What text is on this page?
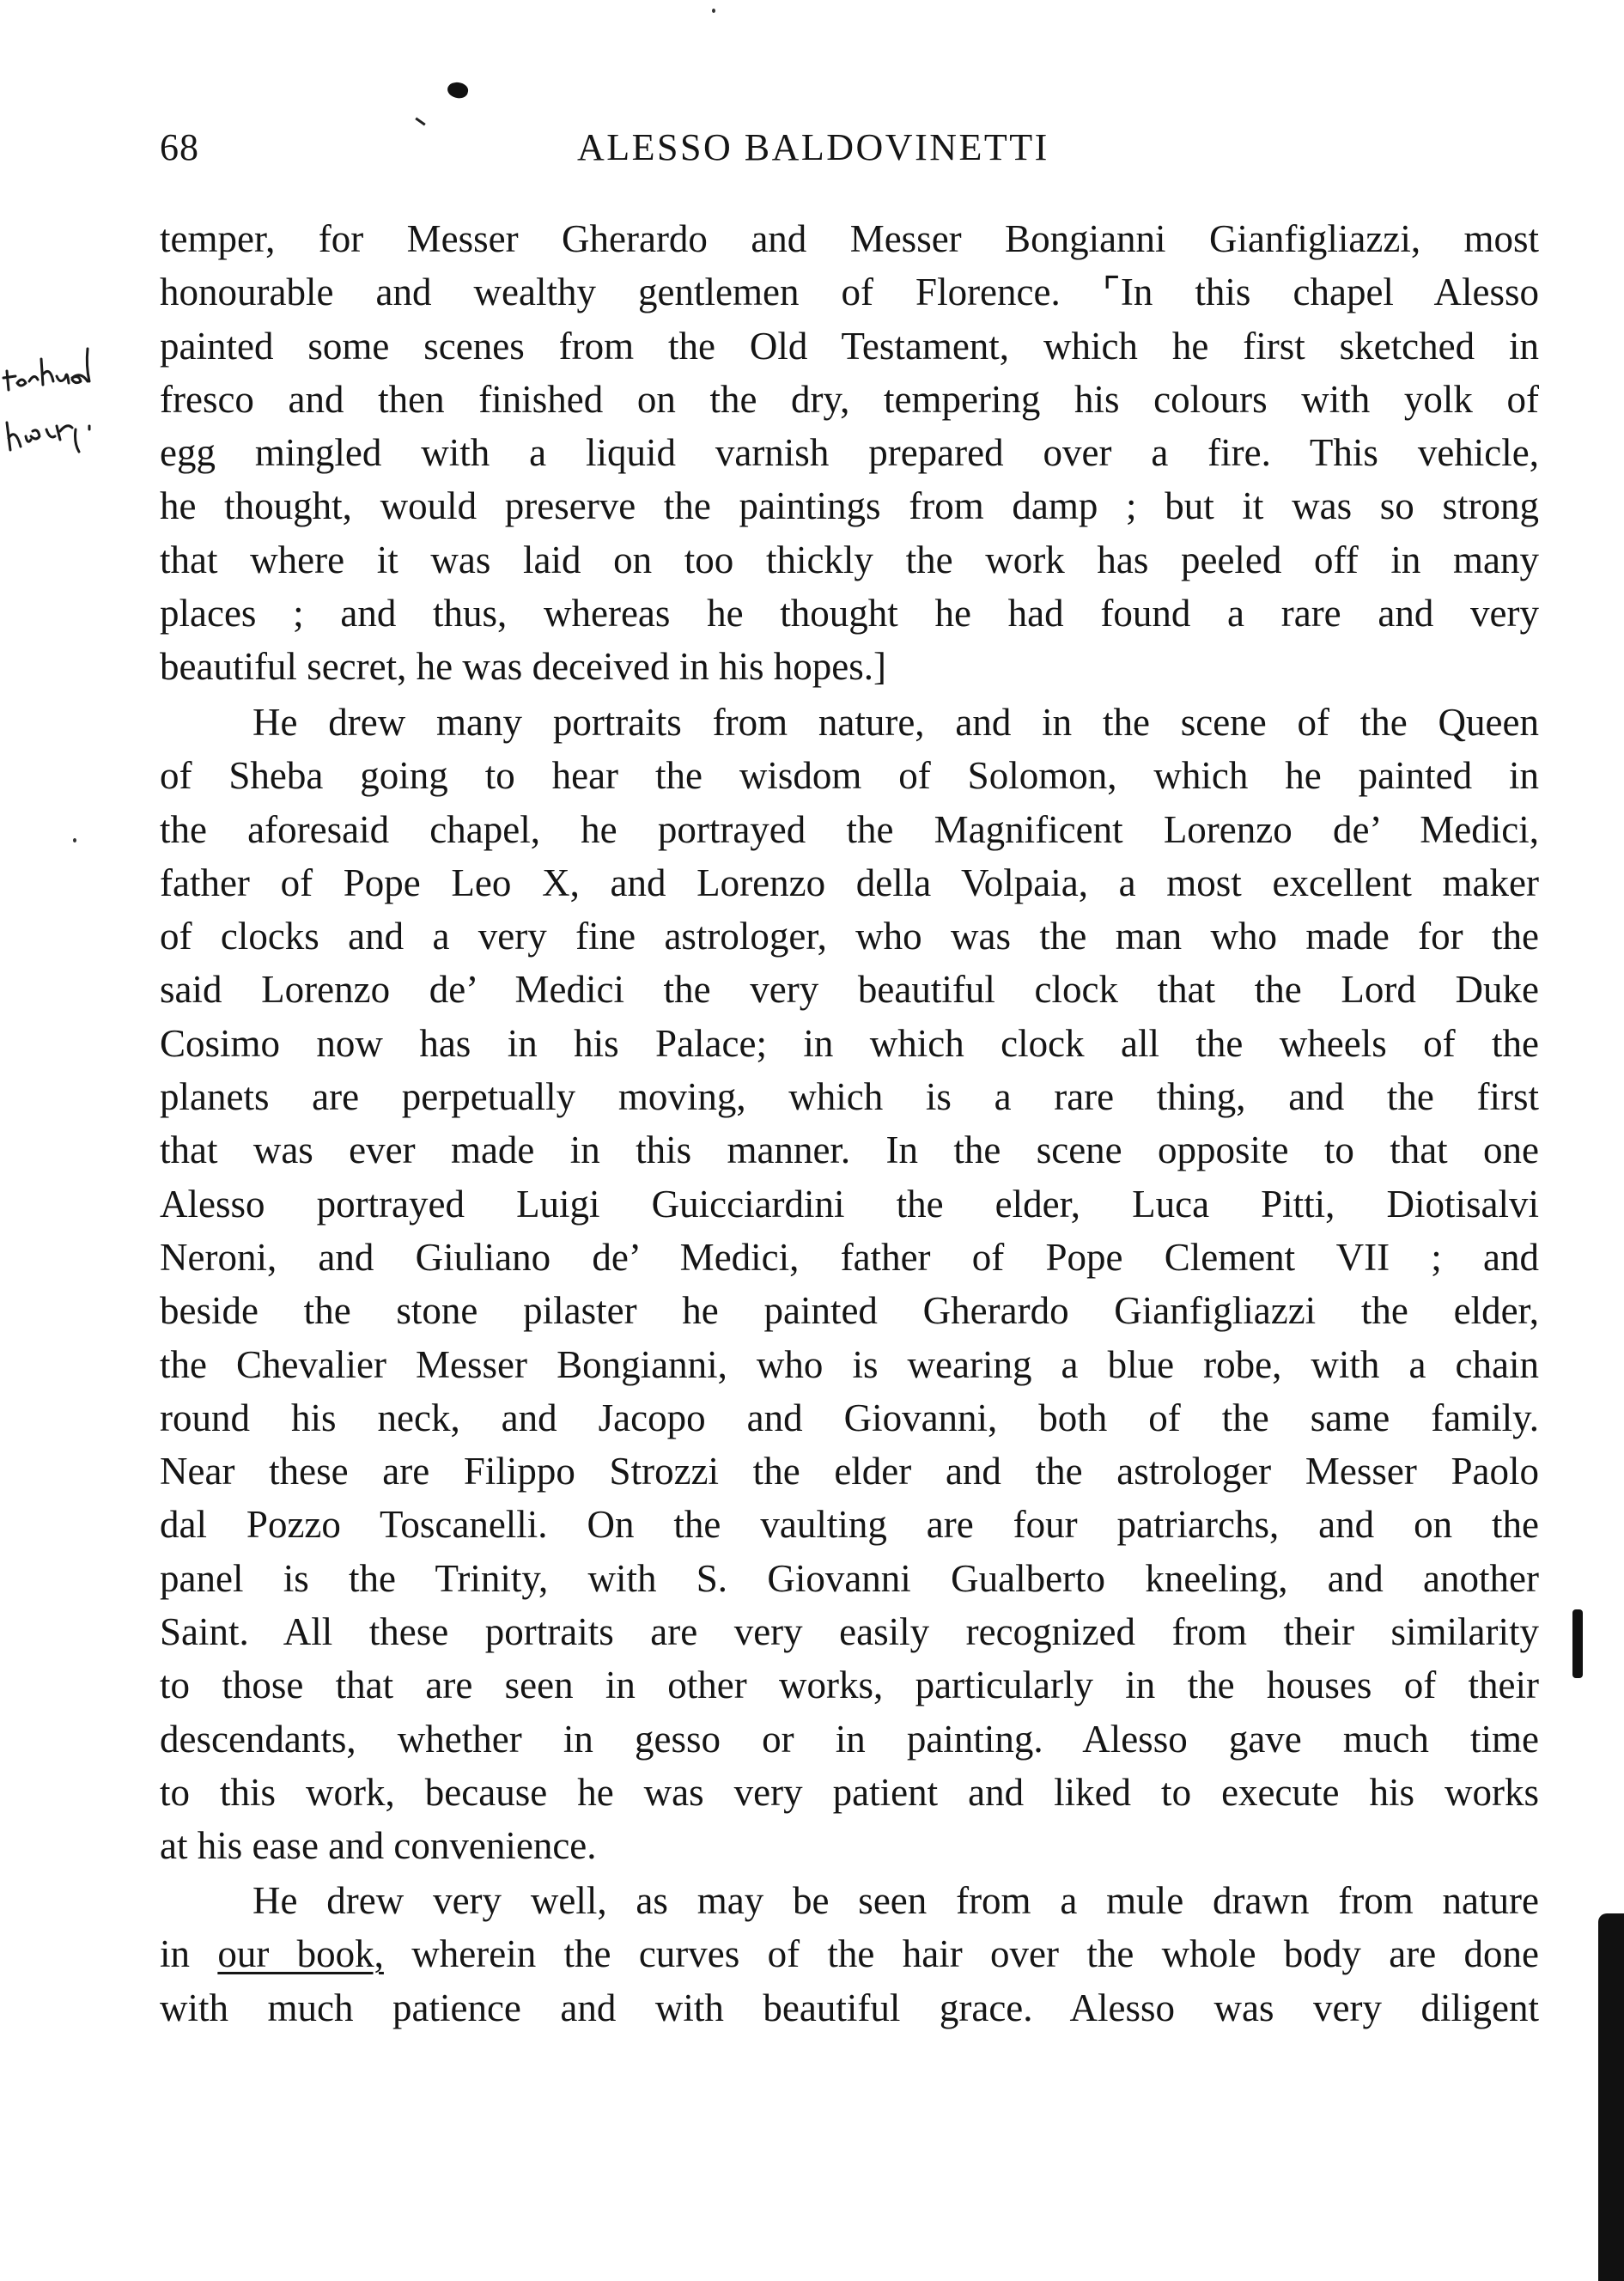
68	ALESSO BALDOVINETTI
temper, for Messer Gherardo and Messer Bongianni Gianfigliazzi, most
honourable and wealthy gentlemen of Florence. ⌜In this chapel Alesso
painted some scenes from the Old Testament, which he first sketched in
fresco and then finished on the dry, tempering his colours with yolk of
egg mingled with a liquid varnish prepared over a fire. This vehicle,
he thought, would preserve the paintings from damp ; but it was so strong
that where it was laid on too thickly the work has peeled off in many
places ; and thus, whereas he thought he had found a rare and very
beautiful secret, he was deceived in his hopes.]
He drew many portraits from nature, and in the scene of the Queen
of Sheba going to hear the wisdom of Solomon, which he painted in
the aforesaid chapel, he portrayed the Magnificent Lorenzo de’ Medici,
father of Pope Leo X, and Lorenzo della Volpaia, a most excellent maker
of clocks and a very fine astrologer, who was the man who made for the
said Lorenzo de’ Medici the very beautiful clock that the Lord Duke
Cosimo now has in his Palace; in which clock all the wheels of the
planets are perpetually moving, which is a rare thing, and the first
that was ever made in this manner. In the scene opposite to that one
Alesso portrayed Luigi Guicciardini the elder, Luca Pitti, Diotisalvi
Neroni, and Giuliano de’ Medici, father of Pope Clement VII ; and
beside the stone pilaster he painted Gherardo Gianfigliazzi the elder,
the Chevalier Messer Bongianni, who is wearing a blue robe, with a chain
round his neck, and Jacopo and Giovanni, both of the same family.
Near these are Filippo Strozzi the elder and the astrologer Messer Paolo
dal Pozzo Toscanelli. On the vaulting are four patriarchs, and on the
panel is the Trinity, with S. Giovanni Gualberto kneeling, and another
Saint. All these portraits are very easily recognized from their similarity
to those that are seen in other works, particularly in the houses of their
descendants, whether in gesso or in painting. Alesso gave much time
to this work, because he was very patient and liked to execute his works
at his ease and convenience.
He drew very well, as may be seen from a mule drawn from nature
in our book, wherein the curves of the hair over the whole body are done
with much patience and with beautiful grace. Alesso was very diligent
